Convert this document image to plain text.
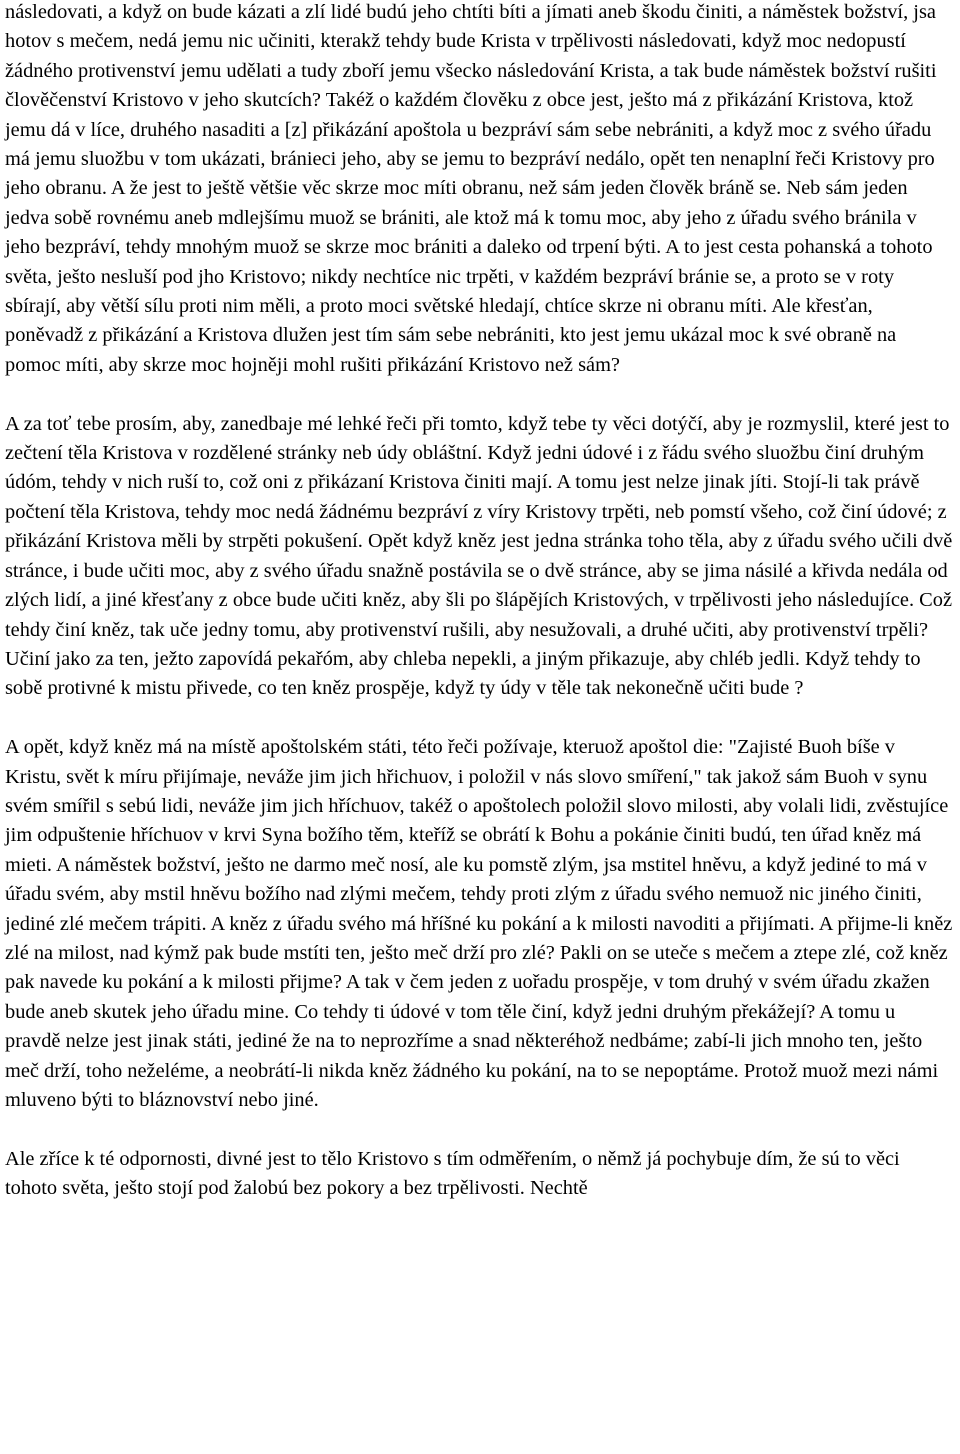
následovati, a když on bude kázati a zlí lidé budú jeho chtíti bíti a jímati aneb škodu činiti, a náměstek božství, jsa hotov s mečem, nedá jemu nic učiniti, kterakž tehdy bude Krista v trpělivosti následovati, když moc nedopustí žádného protivenství jemu udělati a tudy zboří jemu všecko následování Krista, a tak bude náměstek božství rušiti člověčenství Kristovo v jeho skutcích? Takéž o každém člověku z obce jest, ješto má z přikázání Kristova, ktož jemu dá v líce, druhého nasaditi a [z] přikázání apoštola u bezpráví sám sebe nebrániti, a když moc z svého úřadu má jemu sluožbu v tom ukázati, bránieci jeho, aby se jemu to bezpráví nedálo, opět ten nenaplní řeči Kristovy pro jeho obranu. A že jest to ještě většie věc skrze moc míti obranu, než sám jeden člověk bráně se. Neb sám jeden jedva sobě rovnému aneb mdlejšímu muož se brániti, ale ktož má k tomu moc, aby jeho z úřadu svého bránila v jeho bezpráví, tehdy mnohým muož se skrze moc brániti a daleko od trpení býti. A to jest cesta pohanská a tohoto světa, ješto nesluší pod jho Kristovo; nikdy nechtíce nic trpěti, v každém bezpráví bránie se, a proto se v roty sbírají, aby větší sílu proti nim měli, a proto moci světské hledají, chtíce skrze ni obranu míti. Ale křesťan, poněvadž z přikázání a Kristova dlužen jest tím sám sebe nebrániti, kto jest jemu ukázal moc k své obraně na pomoc míti, aby skrze moc hojněji mohl rušiti přikázání Kristovo než sám?

A za toť tebe prosím, aby, zanedbaje mé lehké řeči při tomto, když tebe ty věci dotýčí, aby je rozmyslil, které jest to zečtení těla Kristova v rozdělené stránky neb údy obláštní. Když jedni údové i z řádu svého sluožbu činí druhým údóm, tehdy v nich ruší to, což oni z přikázaní Kristova činiti mají. A tomu jest nelze jinak jíti. Stojí-li tak právě počtení těla Kristova, tehdy moc nedá žádnému bezpráví z víry Kristovy trpěti, neb pomstí všeho, což činí údové; z přikázání Kristova měli by strpěti pokušení. Opět když kněz jest jedna stránka toho těla, aby z úřadu svého učili dvě stránce, i bude učiti moc, aby z svého úřadu snažně postávila se o dvě stránce, aby se jima násilé a křivda nedála od zlých lidí, a jiné křesťany z obce bude učiti kněz, aby šli po šlápějích Kristových, v trpělivosti jeho následujíce. Což tehdy činí kněz, tak uče jedny tomu, aby protivenství rušili, aby nesužovali, a druhé učiti, aby protivenství trpěli? Učiní jako za ten, ježto zapovídá pekařóm, aby chleba nepekli, a jiným přikazuje, aby chléb jedli. Když tehdy to sobě protivné k mistu přivede, co ten kněz prospěje, když ty údy v těle tak nekonečně učiti bude ?

A opět, když kněz má na místě apoštolském státi, této řeči požívaje, kteruož apoštol die: "Zajisté Buoh bíše v Kristu, svět k míru přijímaje, neváže jim jich hřichuov, i položil v nás slovo smíření," tak jakož sám Buoh v synu svém smířil s sebú lidi, neváže jim jich hříchuov, takéž o apoštolech položil slovo milosti, aby volali lidi, zvěstujíce jim odpuštenie hříchuov v krvi Syna božího těm, kteříž se obrátí k Bohu a pokánie činiti budú, ten úřad kněz má mieti. A náměstek božství, ješto ne darmo meč nosí, ale ku pomstě zlým, jsa mstitel hněvu, a když jediné to má v úřadu svém, aby mstil hněvu božího nad zlými mečem, tehdy proti zlým z úřadu svého nemuož nic jiného činiti, jediné zlé mečem trápiti. A kněz z úřadu svého má hříšné ku pokání a k milosti navoditi a přijímati. A přijme-li kněz zlé na milost, nad kýmž pak bude mstíti ten, ješto meč drží pro zlé? Pakli on se uteče s mečem a ztepe zlé, což kněz pak navede ku pokání a k milosti přijme? A tak v čem jeden z uořadu prospěje, v tom druhý v svém úřadu zkažen bude aneb skutek jeho úřadu mine. Co tehdy ti údové v tom těle činí, když jedni druhým překážejí? A tomu u pravdě nelze jest jinak státi, jediné že na to neprozříme a snad některéhož nedbáme; zabí-li jich mnoho ten, ješto meč drží, toho neželéme, a neobrátí-li nikda kněz žádného ku pokání, na to se nepoptáme. Protož muož mezi námi mluveno býti to bláznovství nebo jiné.

Ale zříce k té odpornosti, divné jest to tělo Kristovo s tím odměřením, o němž já pochybuje dím, že sú to věci tohoto světa, ješto stojí pod žalobú bez pokory a bez trpělivosti. Nechtě
